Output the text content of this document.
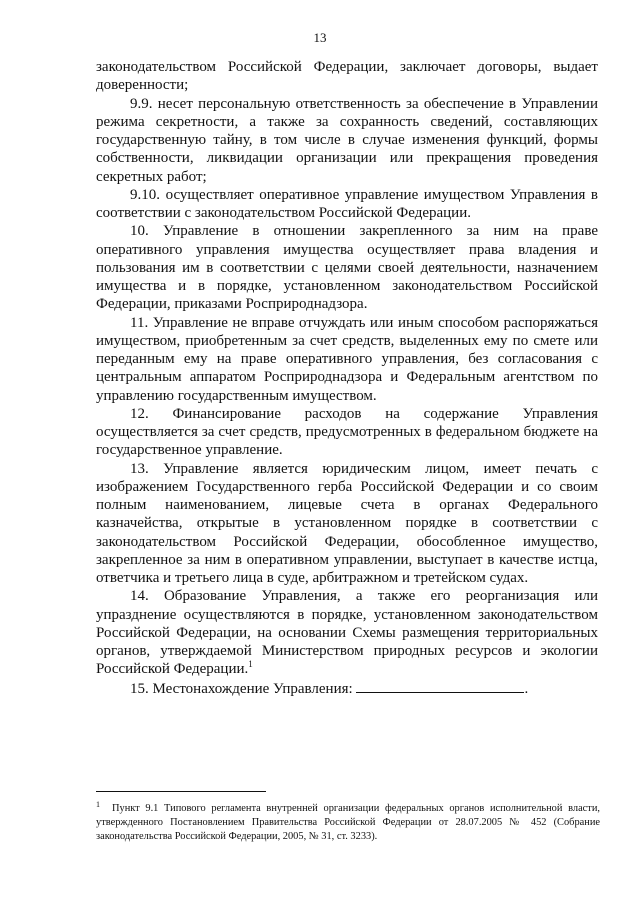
13

законодательством Российской Федерации, заключает договоры, выдает доверенности;

9.9. несет персональную ответственность за обеспечение в Управлении режима секретности, а также за сохранность сведений, составляющих государственную тайну, в том числе в случае изменения функций, формы собственности, ликвидации организации или прекращения проведения секретных работ;

9.10. осуществляет оперативное управление имуществом Управления в соответствии с законодательством Российской Федерации.

10. Управление в отношении закрепленного за ним на праве оперативного управления имущества осуществляет права владения и пользования им в соответствии с целями своей деятельности, назначением имущества и в порядке, установленном законодательством Российской Федерации, приказами Росприроднадзора.

11. Управление не вправе отчуждать или иным способом распоряжаться имуществом, приобретенным за счет средств, выделенных ему по смете или переданным ему на праве оперативного управления, без согласования с центральным аппаратом Росприроднадзора и Федеральным агентством по управлению государственным имуществом.

12. Финансирование расходов на содержание Управления осуществляется за счет средств, предусмотренных в федеральном бюджете на государственное управление.

13. Управление является юридическим лицом, имеет печать с изображением Государственного герба Российской Федерации и со своим полным наименованием, лицевые счета в органах Федерального казначейства, открытые в установленном порядке в соответствии с законодательством Российской Федерации, обособленное имущество, закрепленное за ним в оперативном управлении, выступает в качестве истца, ответчика и третьего лица в суде, арбитражном и третейском судах.

14. Образование Управления, а также его реорганизация или упразднение осуществляются в порядке, установленном законодательством Российской Федерации, на основании Схемы размещения территориальных органов, утверждаемой Министерством природных ресурсов и экологии Российской Федерации.$^1$

15. Местонахождение Управления:	.

$^1$ Пункт 9.1 Типового регламента внутренней организации федеральных органов исполнительной власти, утвержденного Постановлением Правительства Российской Федерации от 28.07.2005 № 452 (Собрание законодательства Российской Федерации, 2005, № 31, ст. 3233).
